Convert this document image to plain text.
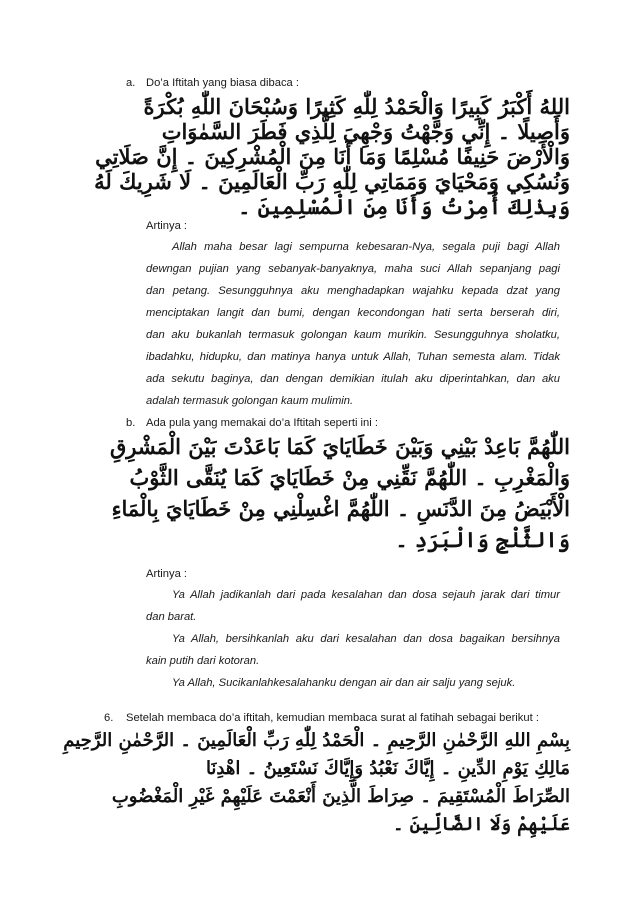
a. Do’a Iftitah yang biasa dibaca :
اللهُ أَكْبَرُ كَبِيرًا وَالْحَمْدُ لِلّٰهِ كَثِيرًا وَسُبْحَانَ اللّٰهِ بُكْرَةً
وَأَصِيلًا ۔ إِنِّي وَجَّهْتُ وَجْهِيَ لِلَّذِي فَطَرَ السَّمٰوَاتِ
وَالْأَرْضَ حَنِيفًا مُسْلِمًا وَمَا أَنَا مِنَ الْمُشْرِكِينَ ۔ إِنَّ صَلَاتِي
وَنُسُكِي وَمَحْيَايَ وَمَمَاتِي لِلّٰهِ رَبِّ الْعَالَمِينَ ۔ لَا شَرِيكَ لَهُ
وَبِذٰلِكَ أُمِرْتُ وَأَنَا مِنَ الْمُسْلِمِينَ ۔
Artinya :
Allah maha besar lagi sempurna kebesaran-Nya, segala puji bagi Allah
dewngan pujian yang sebanyak-banyaknya, maha suci Allah sepanjang pagi
dan petang. Sesungguhnya aku menghadapkan wajahku kepada dzat yang
menciptakan langit dan bumi, dengan kecondongan hati serta berserah diri,
dan aku bukanlah termasuk golongan kaum murikin. Sesungguhnya sholatku,
ibadahku, hidupku, dan matinya hanya untuk Allah, Tuhan semesta alam. Tidak
ada sekutu baginya, dan dengan demikian itulah aku diperintahkan, dan aku
adalah termasuk golongan kaum mulimin.
b. Ada pula yang memakai do’a Iftitah seperti ini :
اللّٰهُمَّ بَاعِدْ بَيْنِي وَبَيْنَ خَطَايَايَ كَمَا بَاعَدْتَ بَيْنَ الْمَشْرِقِ
وَالْمَغْرِبِ ۔ اللّٰهُمَّ نَقِّنِي مِنْ خَطَايَايَ كَمَا يُنَقَّى الثَّوْبُ
الْأَبْيَضُ مِنَ الدَّنَسِ ۔ اللّٰهُمَّ اغْسِلْنِي مِنْ خَطَايَايَ بِالْمَاءِ
وَالثَّلْجِ وَالْبَرَدِ ۔
Artinya :
Ya Allah jadikanlah dari pada kesalahan dan dosa sejauh jarak dari timur
dan barat.
Ya Allah, bersihkanlah aku dari kesalahan dan dosa bagaikan bersihnya
kain putih dari kotoran.
Ya Allah, Sucikanlahkesalahanku dengan air dan air salju yang sejuk.
6. Setelah membaca do’a iftitah, kemudian membaca surat al fatihah sebagai berikut :
بِسْمِ اللهِ الرَّحْمٰنِ الرَّحِيمِ ۔ الْحَمْدُ لِلّٰهِ رَبِّ الْعَالَمِينَ ۔ الرَّحْمٰنِ الرَّحِيمِ
مَالِكِ يَوْمِ الدِّينِ ۔ إِيَّاكَ نَعْبُدُ وَإِيَّاكَ نَسْتَعِينُ ۔ اهْدِنَا
الصِّرَاطَ الْمُسْتَقِيمَ ۔ صِرَاطَ الَّذِينَ أَنْعَمْتَ عَلَيْهِمْ غَيْرِ الْمَغْضُوبِ
عَلَيْهِمْ وَلَا الضَّالِّينَ ۔
